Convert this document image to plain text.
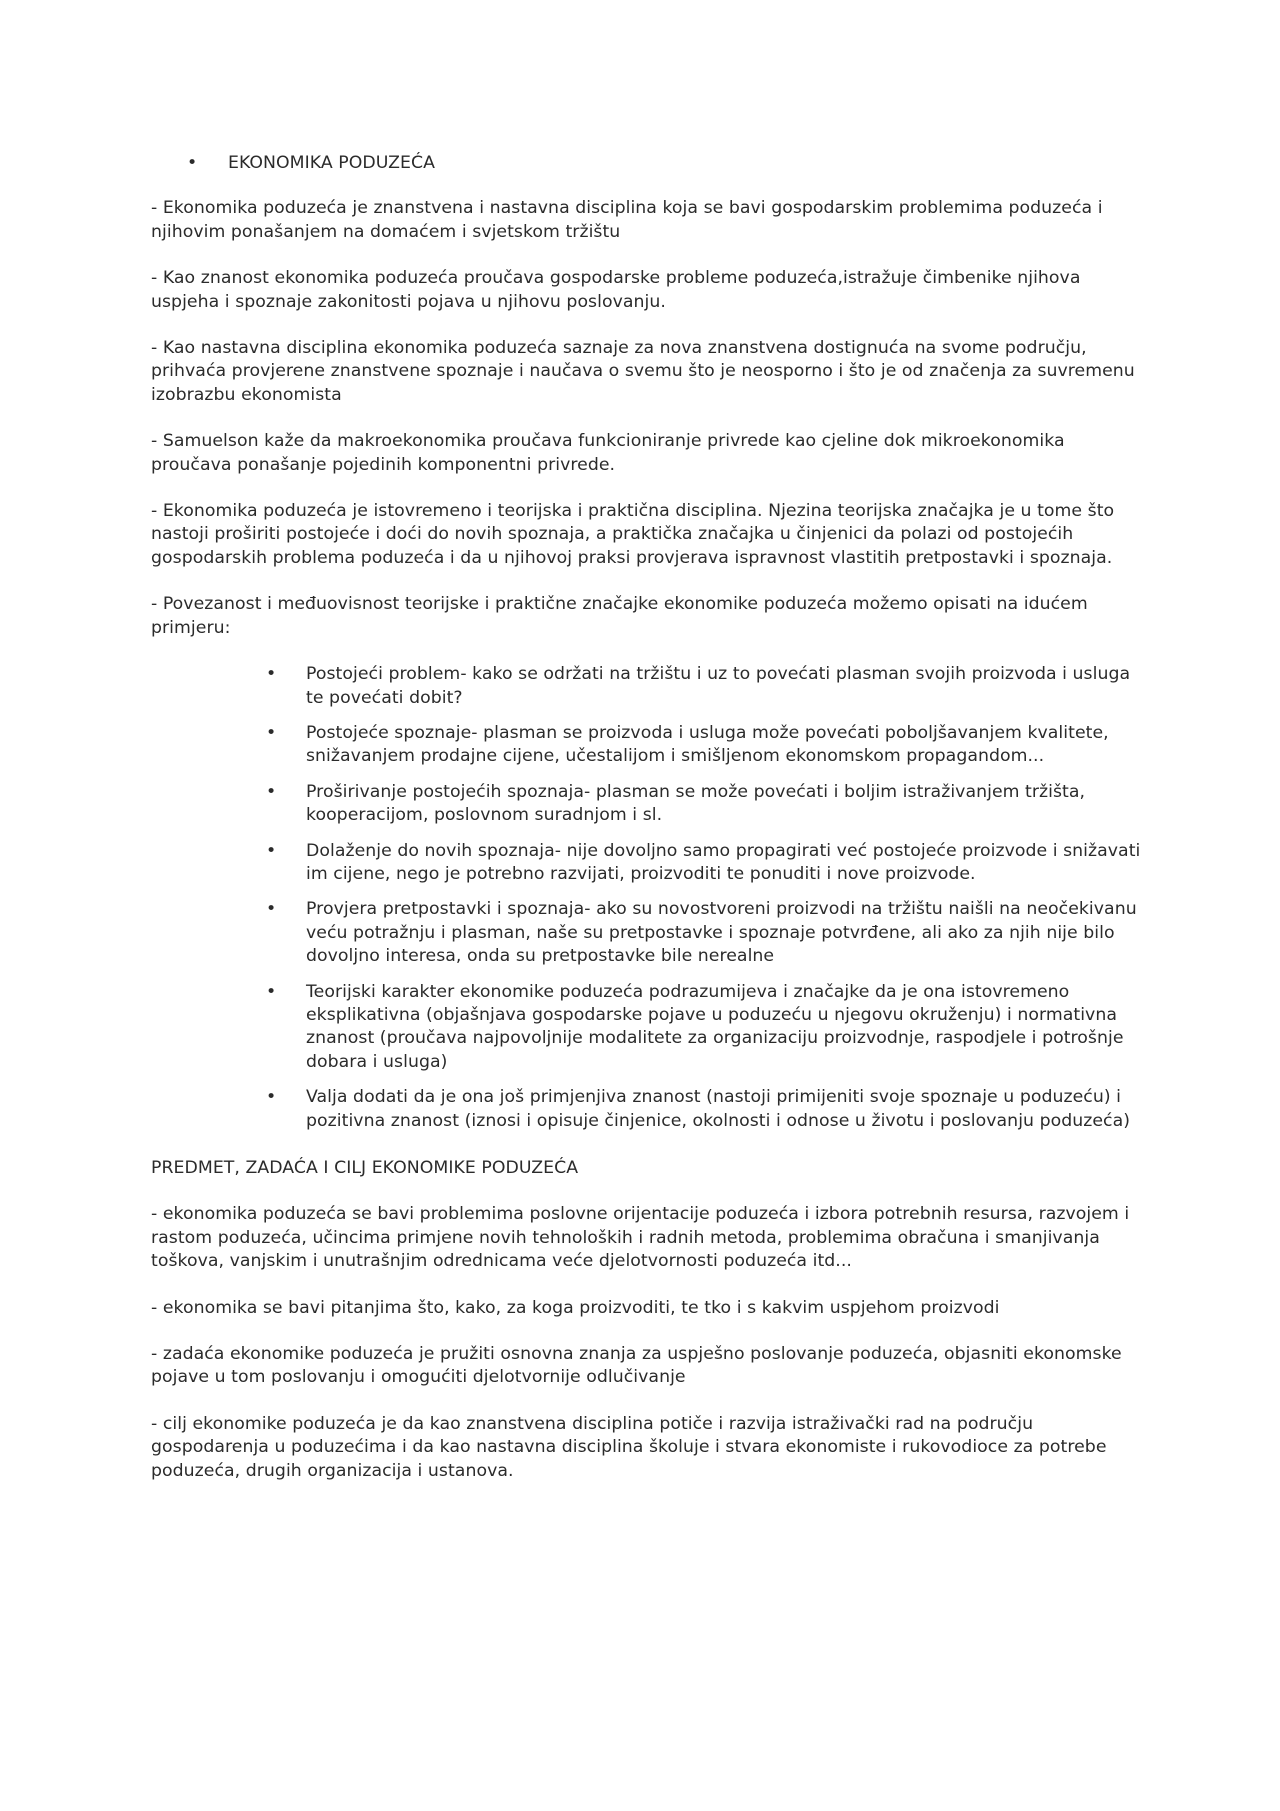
• EKONOMIKA PODUZEĆA

- Ekonomika poduzeća je znanstvena i nastavna disciplina koja se bavi gospodarskim problemima poduzeća i njihovim ponašanjem na domaćem i svjetskom tržištu

- Kao znanost ekonomika poduzeća proučava gospodarske probleme poduzeća,istražuje čimbenike njihova uspjeha i spoznaje zakonitosti pojava u njihovu poslovanju.

- Kao nastavna disciplina ekonomika poduzeća saznaje za nova znanstvena dostignuća na svome području, prihvaća provjerene znanstvene spoznaje i naučava o svemu što je neosporno i što je od značenja za suvremenu izobrazbu ekonomista

- Samuelson kaže da makroekonomika proučava funkcioniranje privrede kao cjeline dok mikroekonomika proučava ponašanje pojedinih komponentni privrede.

- Ekonomika poduzeća je istovremeno i teorijska i praktična disciplina. Njezina teorijska značajka je u tome što nastoji proširiti postojeće i doći do novih spoznaja, a praktička značajka u činjenici da polazi od postojećih gospodarskih problema poduzeća i da u njihovoj praksi provjerava ispravnost vlastitih pretpostavki i spoznaja.

- Povezanost i međuovisnost teorijske i praktične značajke ekonomike poduzeća možemo opisati na idućem primjeru:

• Postojeći problem- kako se održati na tržištu i uz to povećati plasman svojih proizvoda i usluga te povećati dobit?
• Postojeće spoznaje- plasman se proizvoda i usluga može povećati poboljšavanjem kvalitete, snižavanjem prodajne cijene, učestalijom i smišljenom ekonomskom propagandom...
• Proširivanje postojećih spoznaja- plasman se može povećati i boljim istraživanjem tržišta, kooperacijom, poslovnom suradnjom i sl.
• Dolaženje do novih spoznaja- nije dovoljno samo propagirati već postojeće proizvode i snižavati im cijene, nego je potrebno razvijati, proizvoditi te ponuditi i nove proizvode.
• Provjera pretpostavki i spoznaja- ako su novostvoreni proizvodi na tržištu naišli na neočekivanu veću potražnju i plasman, naše su pretpostavke i spoznaje potvrđene, ali ako za njih nije bilo dovoljno interesa, onda su pretpostavke bile nerealne
• Teorijski karakter ekonomike poduzeća podrazumijeva i značajke da je ona istovremeno eksplikativna (objašnjava gospodarske pojave u poduzeću u njegovu okruženju) i normativna znanost (proučava najpovoljnije modalitete za organizaciju proizvodnje, raspodjele i potrošnje dobara i usluga)
• Valja dodati da je ona još primjenjiva znanost (nastoji primijeniti svoje spoznaje u poduzeću) i pozitivna znanost (iznosi i opisuje činjenice, okolnosti i odnose u životu i poslovanju poduzeća)
PREDMET, ZADAĆA I CILJ EKONOMIKE PODUZEĆA

- ekonomika poduzeća se bavi problemima poslovne orijentacije poduzeća i izbora potrebnih resursa, razvojem i rastom poduzeća, učincima primjene novih tehnoloških i radnih metoda, problemima obračuna i smanjivanja toškova, vanjskim i unutrašnjim odrednicama veće djelotvornosti poduzeća itd...

- ekonomika se bavi pitanjima što, kako, za koga proizvoditi, te tko i s kakvim uspjehom proizvodi

- zadaća ekonomike poduzeća je pružiti osnovna znanja za uspješno poslovanje poduzeća, objasniti ekonomske pojave u tom poslovanju i omogućiti djelotvornije odlučivanje

- cilj ekonomike poduzeća je da kao znanstvena disciplina potiče i razvija istraživački rad na području gospodarenja u poduzećima i da kao nastavna disciplina školuje i stvara ekonomiste i rukovodioce za potrebe poduzeća, drugih organizacija i ustanova.
